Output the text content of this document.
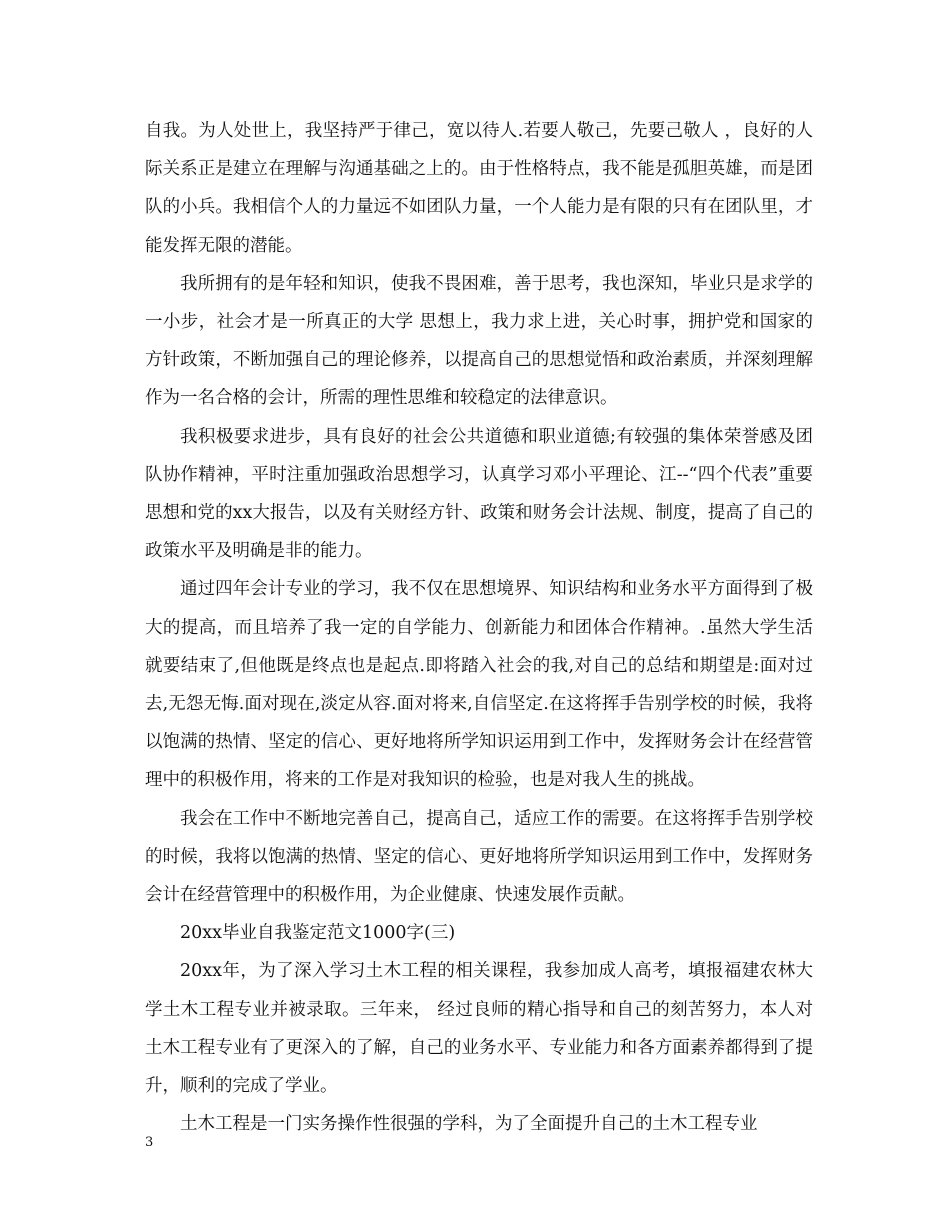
自我。为人处世上，我坚持严于律己，宽以待人.若要人敬己，先要己敬人 ，良好的人际关系正是建立在理解与沟通基础之上的。由于性格特点，我不能是孤胆英雄，而是团队的小兵。我相信个人的力量远不如团队力量，一个人能力是有限的只有在团队里，才能发挥无限的潜能。

我所拥有的是年轻和知识，使我不畏困难，善于思考，我也深知，毕业只是求学的一小步，社会才是一所真正的大学 思想上，我力求上进，关心时事，拥护党和国家的方针政策，不断加强自己的理论修养，以提高自己的思想觉悟和政治素质，并深刻理解作为一名合格的会计，所需的理性思维和较稳定的法律意识。

我积极要求进步，具有良好的社会公共道德和职业道德;有较强的集体荣誉感及团队协作精神，平时注重加强政治思想学习，认真学习邓小平理论、江--“四个代表”重要思想和党的xx大报告，以及有关财经方针、政策和财务会计法规、制度，提高了自己的政策水平及明确是非的能力。

通过四年会计专业的学习，我不仅在思想境界、知识结构和业务水平方面得到了极大的提高，而且培养了我一定的自学能力、创新能力和团体合作精神。.虽然大学生活就要结束了,但他既是终点也是起点.即将踏入社会的我,对自己的总结和期望是:面对过去,无怨无悔.面对现在,淡定从容.面对将来,自信坚定.在这将挥手告别学校的时候，我将以饱满的热情、坚定的信心、更好地将所学知识运用到工作中，发挥财务会计在经营管理中的积极作用，将来的工作是对我知识的检验，也是对我人生的挑战。

我会在工作中不断地完善自己，提高自己，适应工作的需要。在这将挥手告别学校的时候，我将以饱满的热情、坚定的信心、更好地将所学知识运用到工作中，发挥财务会计在经营管理中的积极作用，为企业健康、快速发展作贡献。

20xx毕业自我鉴定范文1000字(三)

20xx年，为了深入学习土木工程的相关课程，我参加成人高考，填报福建农林大学土木工程专业并被录取。三年来， 经过良师的精心指导和自己的刻苦努力，本人对土木工程专业有了更深入的了解，自己的业务水平、专业能力和各方面素养都得到了提升，顺利的完成了学业。

土木工程是一门实务操作性很强的学科，为了全面提升自己的土木工程专业

3
